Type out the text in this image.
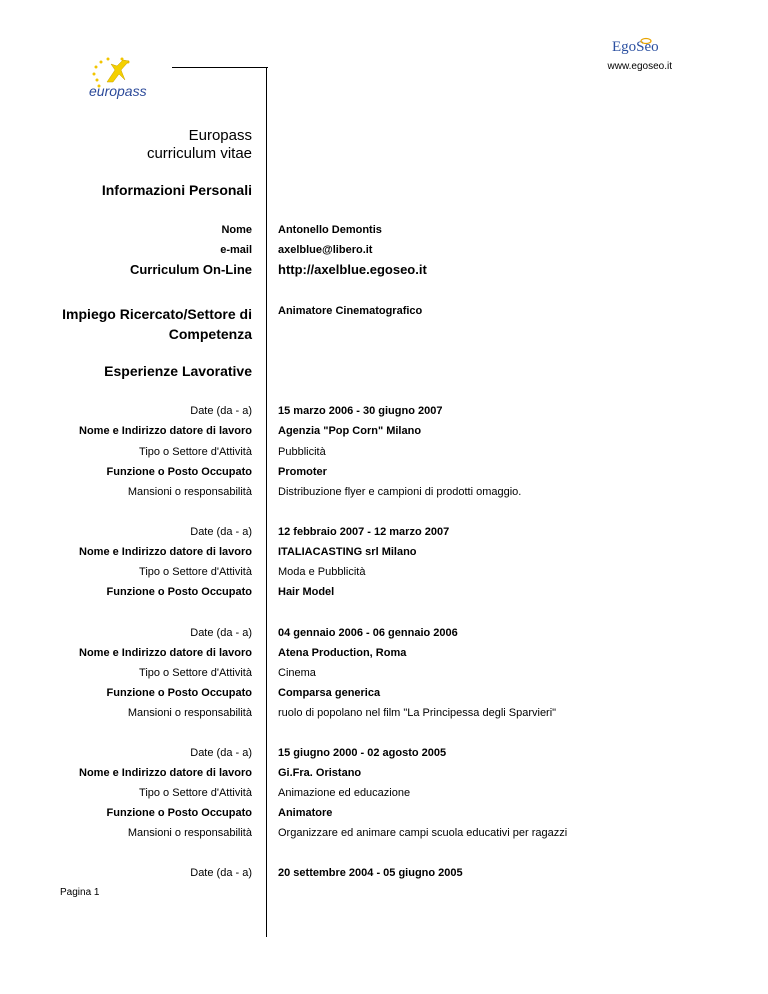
EgoSeo
www.egoseo.it
europass
Europass
curriculum vitae
Informazioni Personali
Nome Antonello Demontis
e-mail axelblue@libero.it
Curriculum On-Line http://axelblue.egoseo.it
Impiego Ricercato/Settore di
Competenza
Animatore Cinematografico
Esperienze Lavorative
Date (da - a) 15 marzo 2006 - 30 giugno 2007
Nome e Indirizzo datore di lavoro Agenzia "Pop Corn" Milano
Tipo o Settore d'Attività Pubblicità
Funzione o Posto Occupato Promoter
Mansioni o responsabilità Distribuzione flyer e campioni di prodotti omaggio.
Date (da - a) 12 febbraio 2007 - 12 marzo 2007
Nome e Indirizzo datore di lavoro ITALIACASTING srl Milano
Tipo o Settore d'Attività Moda e Pubblicità
Funzione o Posto Occupato Hair Model
Date (da - a) 04 gennaio 2006 - 06 gennaio 2006
Nome e Indirizzo datore di lavoro Atena Production, Roma
Tipo o Settore d'Attività Cinema
Funzione o Posto Occupato Comparsa generica
Mansioni o responsabilità ruolo di popolano nel film "La Principessa degli Sparvieri"
Date (da - a) 15 giugno 2000 - 02 agosto 2005
Nome e Indirizzo datore di lavoro Gi.Fra. Oristano
Tipo o Settore d'Attività Animazione ed educazione
Funzione o Posto Occupato Animatore
Mansioni o responsabilità Organizzare ed animare campi scuola educativi per ragazzi
Date (da - a) 20 settembre 2004 - 05 giugno 2005
Pagina 1
